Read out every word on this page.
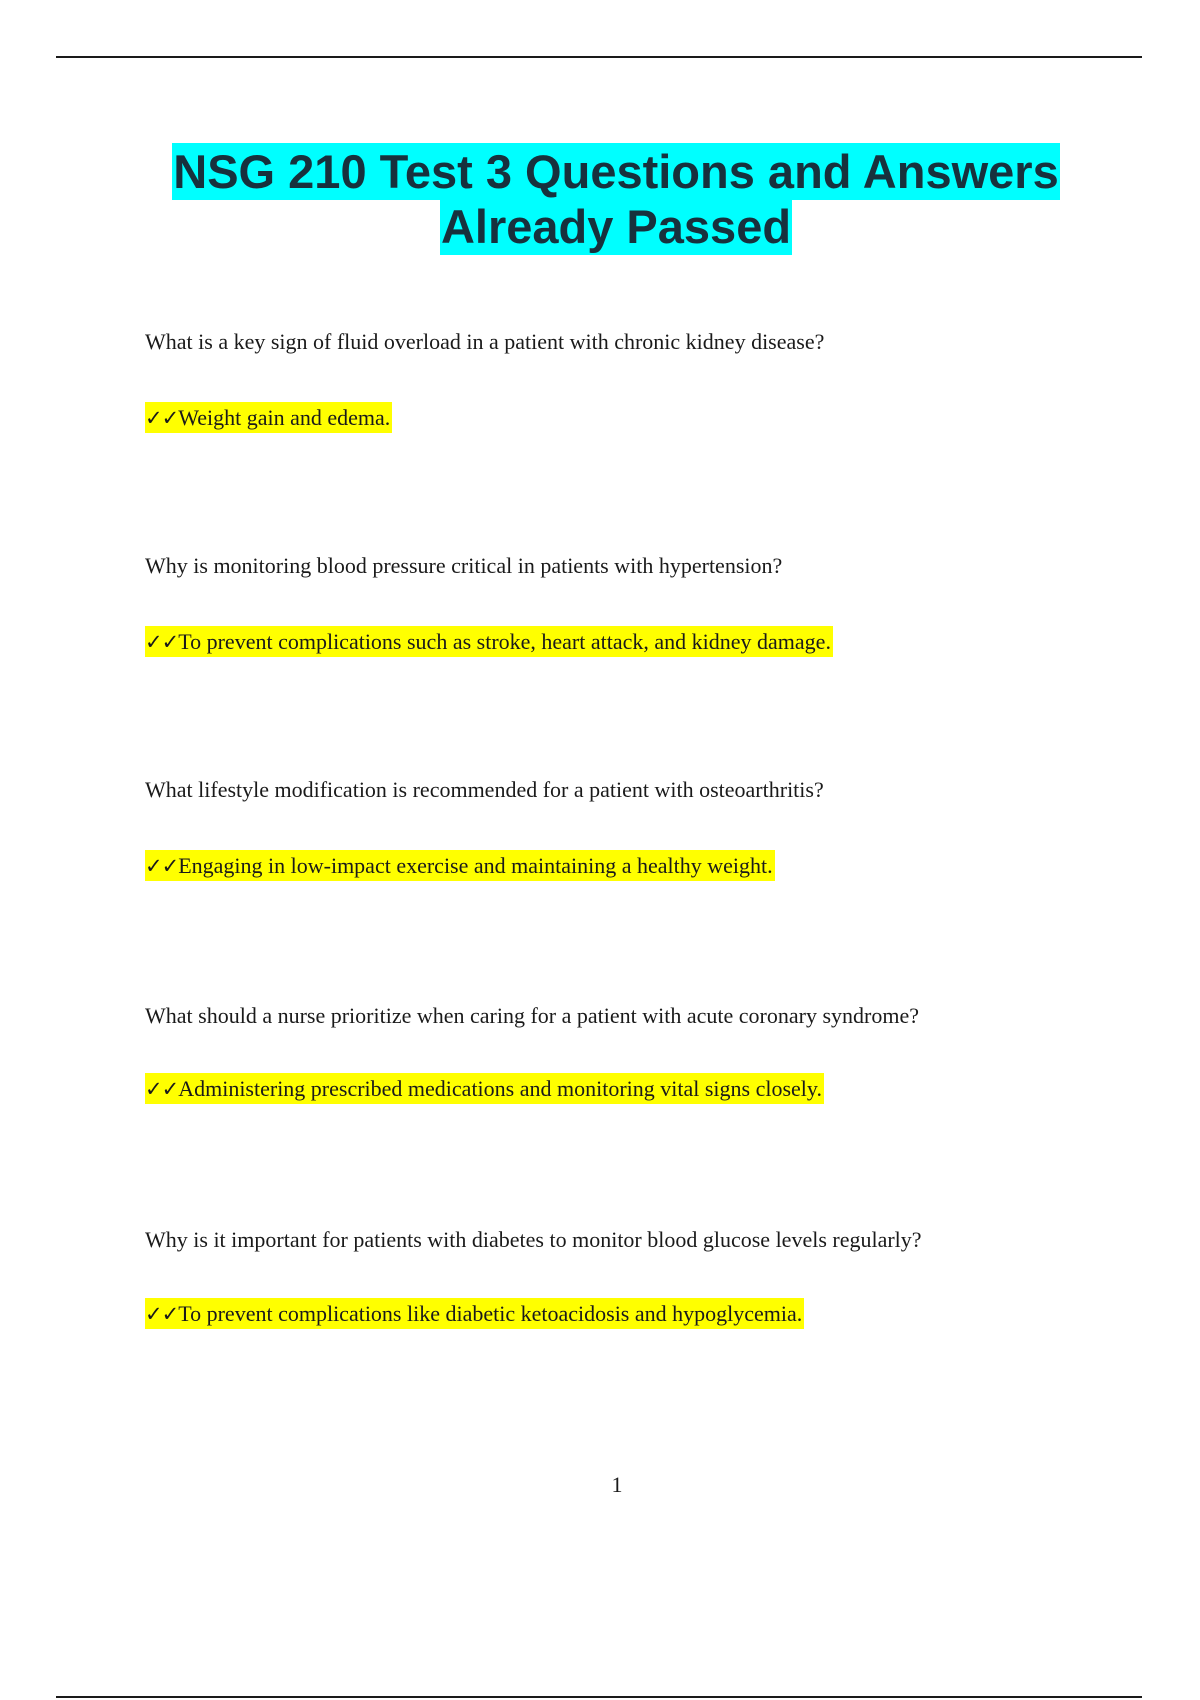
NSG 210 Test 3 Questions and Answers
Already Passed

What is a key sign of fluid overload in a patient with chronic kidney disease?

✓✓Weight gain and edema.

Why is monitoring blood pressure critical in patients with hypertension?

✓✓To prevent complications such as stroke, heart attack, and kidney damage.

What lifestyle modification is recommended for a patient with osteoarthritis?

✓✓Engaging in low-impact exercise and maintaining a healthy weight.

What should a nurse prioritize when caring for a patient with acute coronary syndrome?

✓✓Administering prescribed medications and monitoring vital signs closely.

Why is it important for patients with diabetes to monitor blood glucose levels regularly?

✓✓To prevent complications like diabetic ketoacidosis and hypoglycemia.

1
